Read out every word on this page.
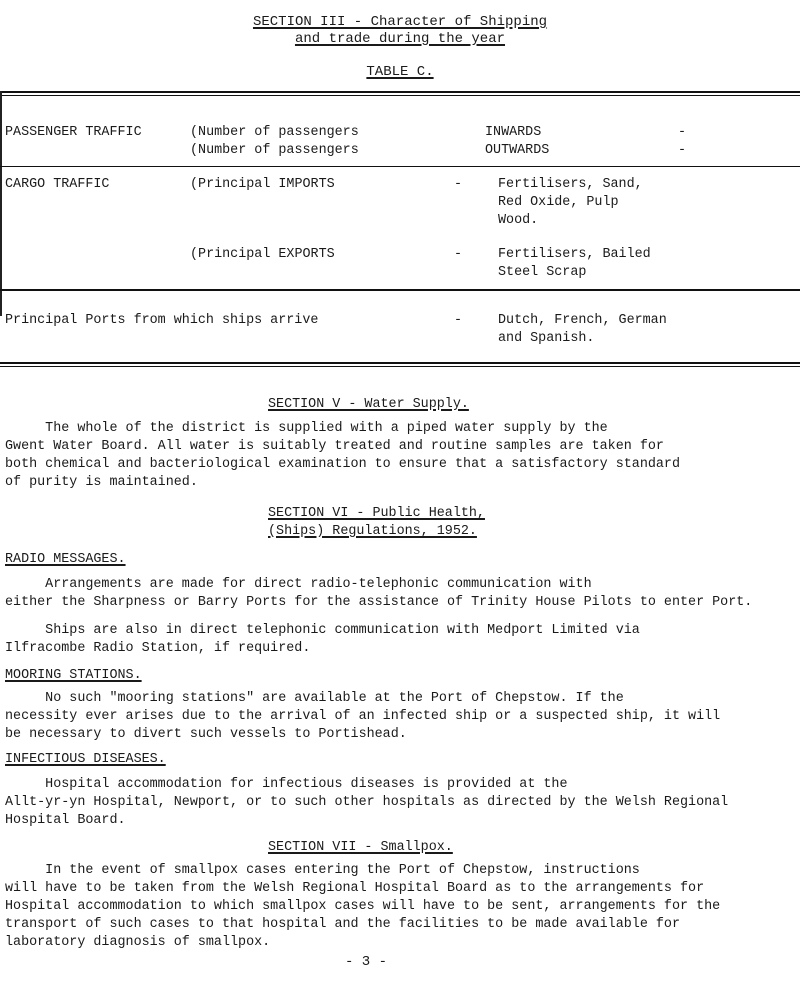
SECTION III - Character of Shipping
and trade during the year
TABLE C.
PASSENGER TRAFFIC	(Number of passengers	INWARDS	-
(Number of passengers	OUTWARDS	-
CARGO TRAFFIC	(Principal IMPORTS	-	Fertilisers, Sand,
Red Oxide, Pulp
Wood.
(Principal EXPORTS	-	Fertilisers, Bailed
Steel Scrap
Principal Ports from which ships arrive	-	Dutch, French, German
and Spanish.
SECTION V - Water Supply.
The whole of the district is supplied with a piped water supply by the
Gwent Water Board. All water is suitably treated and routine samples are taken for
both chemical and bacteriological examination to ensure that a satisfactory standard
of purity is maintained.
SECTION VI - Public Health,
(Ships) Regulations, 1952.
RADIO MESSAGES.
Arrangements are made for direct radio-telephonic communication with
either the Sharpness or Barry Ports for the assistance of Trinity House Pilots to enter Port.
Ships are also in direct telephonic communication with Medport Limited via
Ilfracombe Radio Station, if required.
MOORING STATIONS.
No such "mooring stations" are available at the Port of Chepstow. If the
necessity ever arises due to the arrival of an infected ship or a suspected ship, it will
be necessary to divert such vessels to Portishead.
INFECTIOUS DISEASES.
Hospital accommodation for infectious diseases is provided at the
Allt-yr-yn Hospital, Newport, or to such other hospitals as directed by the Welsh Regional
Hospital Board.
SECTION VII - Smallpox.
In the event of smallpox cases entering the Port of Chepstow, instructions
will have to be taken from the Welsh Regional Hospital Board as to the arrangements for
Hospital accommodation to which smallpox cases will have to be sent, arrangements for the
transport of such cases to that hospital and the facilities to be made available for
laboratory diagnosis of smallpox.
- 3 -
